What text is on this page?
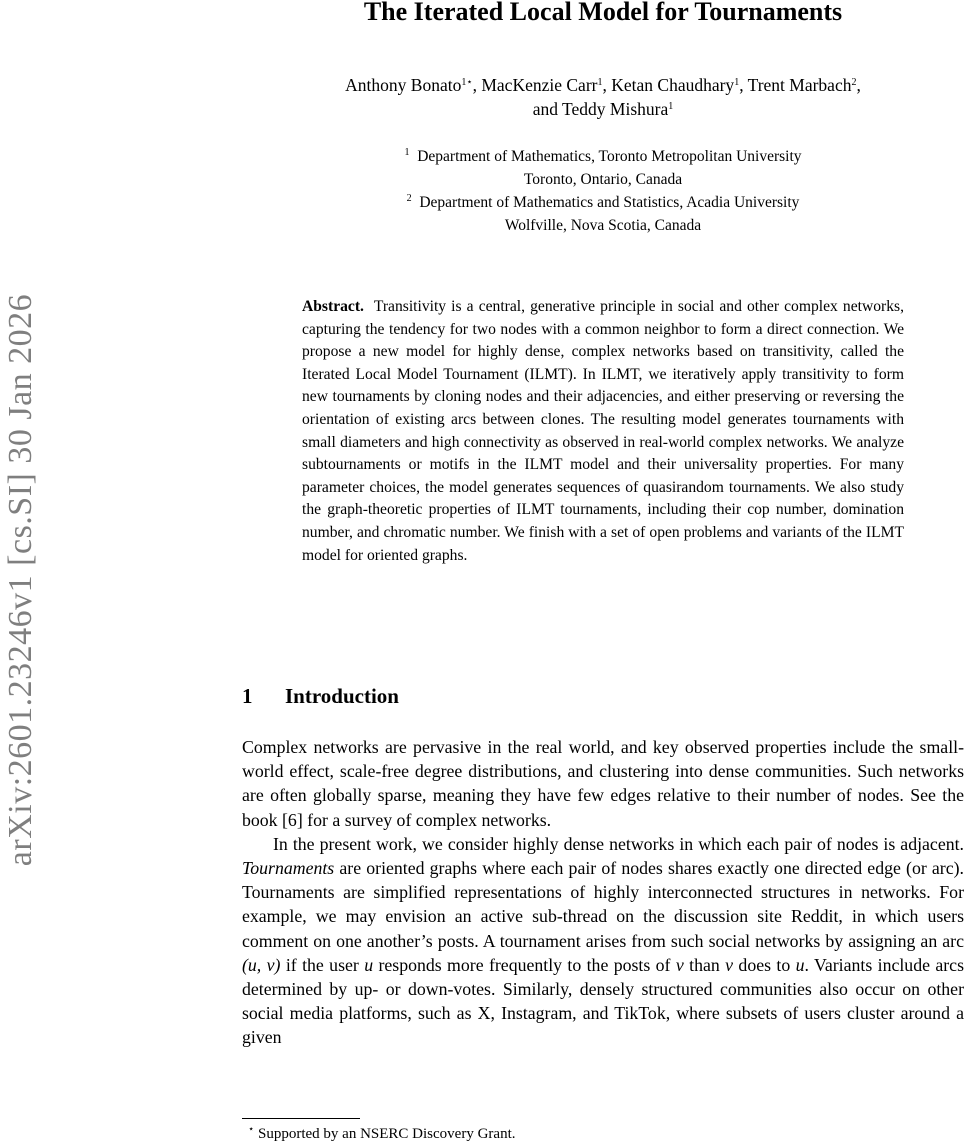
arXiv:2601.23246v1 [cs.SI] 30 Jan 2026
The Iterated Local Model for Tournaments
Anthony Bonato$^{1⋆}$, MacKenzie Carr$^1$, Ketan Chaudhary$^1$, Trent Marbach$^2$,
and Teddy Mishura$^1$
$^1$ Department of Mathematics, Toronto Metropolitan University
Toronto, Ontario, Canada
$^2$ Department of Mathematics and Statistics, Acadia University
Wolfville, Nova Scotia, Canada

Abstract. Transitivity is a central, generative principle in social and other complex networks, capturing the tendency for two nodes with a common neighbor to form a direct connection. We propose a new model for highly dense, complex networks based on transitivity, called the Iterated Local Model Tournament (ILMT). In ILMT, we iteratively apply transitivity to form new tournaments by cloning nodes and their adjacencies, and either preserving or reversing the orientation of existing arcs between clones. The resulting model generates tournaments with small diameters and high connectivity as observed in real-world complex networks. We analyze subtournaments or motifs in the ILMT model and their universality properties. For many parameter choices, the model generates sequences of quasirandom tournaments. We also study the graph-theoretic properties of ILMT tournaments, including their cop number, domination number, and chromatic number. We finish with a set of open problems and variants of the ILMT model for oriented graphs.

1 Introduction

Complex networks are pervasive in the real world, and key observed properties include the small-world effect, scale-free degree distributions, and clustering into dense communities. Such networks are often globally sparse, meaning they have few edges relative to their number of nodes. See the book [6] for a survey of complex networks.

In the present work, we consider highly dense networks in which each pair of nodes is adjacent. Tournaments are oriented graphs where each pair of nodes shares exactly one directed edge (or arc). Tournaments are simplified representations of highly interconnected structures in networks. For example, we may envision an active sub-thread on the discussion site Reddit, in which users comment on one another’s posts. A tournament arises from such social networks by assigning an arc (u, v) if the user u responds more frequently to the posts of v than v does to u. Variants include arcs determined by up- or down-votes. Similarly, densely structured communities also occur on other social media platforms, such as X, Instagram, and TikTok, where subsets of users cluster around a given

⋆ Supported by an NSERC Discovery Grant.
